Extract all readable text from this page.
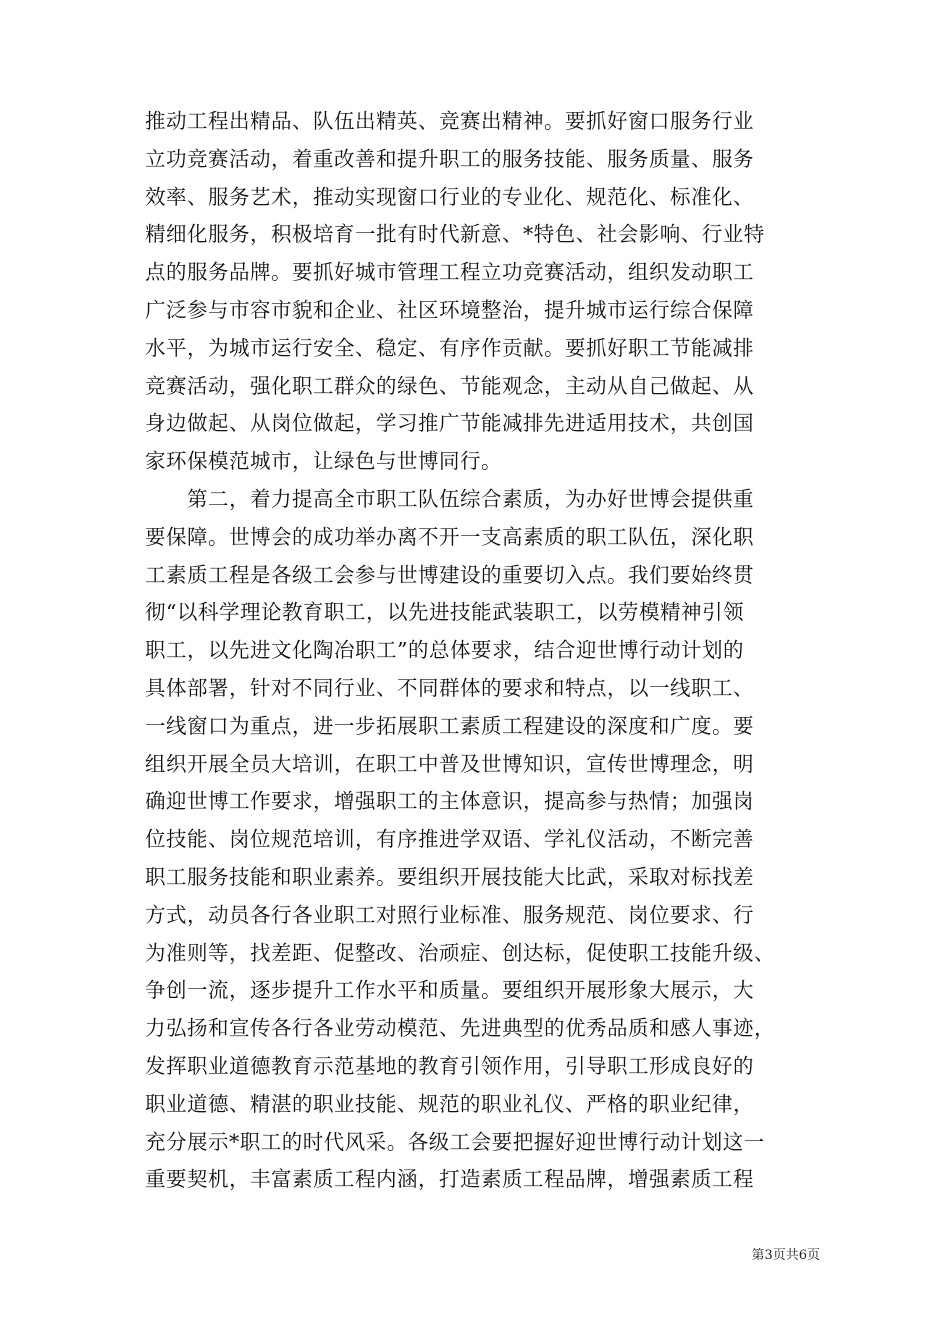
推动工程出精品、队伍出精英、竞赛出精神。要抓好窗口服务行业
立功竞赛活动，着重改善和提升职工的服务技能、服务质量、服务
效率、服务艺术，推动实现窗口行业的专业化、规范化、标准化、
精细化服务，积极培育一批有时代新意、*特色、社会影响、行业特
点的服务品牌。要抓好城市管理工程立功竞赛活动，组织发动职工
广泛参与市容市貌和企业、社区环境整治，提升城市运行综合保障
水平，为城市运行安全、稳定、有序作贡献。要抓好职工节能减排
竞赛活动，强化职工群众的绿色、节能观念，主动从自己做起、从
身边做起、从岗位做起，学习推广节能减排先进适用技术，共创国
家环保模范城市，让绿色与世博同行。
　　第二，着力提高全市职工队伍综合素质，为办好世博会提供重
要保障。世博会的成功举办离不开一支高素质的职工队伍，深化职
工素质工程是各级工会参与世博建设的重要切入点。我们要始终贯
彻“以科学理论教育职工，以先进技能武装职工，以劳模精神引领
职工，以先进文化陶冶职工”的总体要求，结合迎世博行动计划的
具体部署，针对不同行业、不同群体的要求和特点，以一线职工、
一线窗口为重点，进一步拓展职工素质工程建设的深度和广度。要
组织开展全员大培训，在职工中普及世博知识，宣传世博理念，明
确迎世博工作要求，增强职工的主体意识，提高参与热情；加强岗
位技能、岗位规范培训，有序推进学双语、学礼仪活动，不断完善
职工服务技能和职业素养。要组织开展技能大比武，采取对标找差
方式，动员各行各业职工对照行业标准、服务规范、岗位要求、行
为准则等，找差距、促整改、治顽症、创达标，促使职工技能升级、
争创一流，逐步提升工作水平和质量。要组织开展形象大展示，大
力弘扬和宣传各行各业劳动模范、先进典型的优秀品质和感人事迹，
发挥职业道德教育示范基地的教育引领作用，引导职工形成良好的
职业道德、精湛的职业技能、规范的职业礼仪、严格的职业纪律，
充分展示*职工的时代风采。各级工会要把握好迎世博行动计划这一
重要契机，丰富素质工程内涵，打造素质工程品牌，增强素质工程
第3页共6页
